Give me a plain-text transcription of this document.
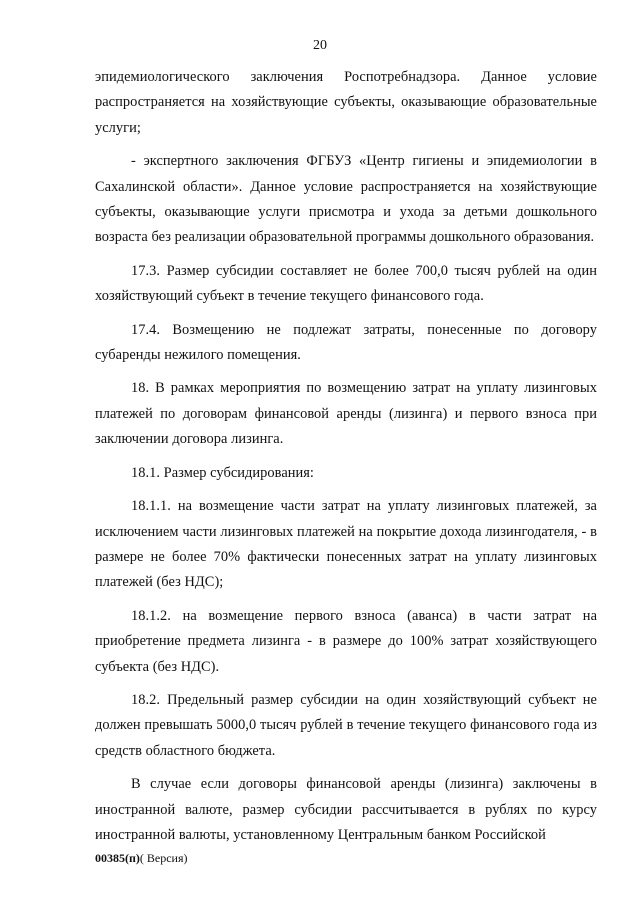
20

эпидемиологического заключения Роспотребнадзора. Данное условие распространяется на хозяйствующие субъекты, оказывающие образовательные услуги;

- экспертного заключения ФГБУЗ «Центр гигиены и эпидемиологии в Сахалинской области». Данное условие распространяется на хозяйствующие субъекты, оказывающие услуги присмотра и ухода за детьми дошкольного возраста без реализации образовательной программы дошкольного образования.

17.3. Размер субсидии составляет не более 700,0 тысяч рублей на один хозяйствующий субъект в течение текущего финансового года.

17.4. Возмещению не подлежат затраты, понесенные по договору субаренды нежилого помещения.

18. В рамках мероприятия по возмещению затрат на уплату лизинговых платежей по договорам финансовой аренды (лизинга) и первого взноса при заключении договора лизинга.

18.1. Размер субсидирования:

18.1.1. на возмещение части затрат на уплату лизинговых платежей, за исключением части лизинговых платежей на покрытие дохода лизингодателя, - в размере не более 70% фактически понесенных затрат на уплату лизинговых платежей (без НДС);

18.1.2. на возмещение первого взноса (аванса) в части затрат на приобретение предмета лизинга - в размере до 100% затрат хозяйствующего субъекта (без НДС).

18.2. Предельный размер субсидии на один хозяйствующий субъект не должен превышать 5000,0 тысяч рублей в течение текущего финансового года из средств областного бюджета.

В случае если договоры финансовой аренды (лизинга) заключены в иностранной валюте, размер субсидии рассчитывается в рублях по курсу иностранной валюты, установленному Центральным банком Российской

00385(п)( Версия)
